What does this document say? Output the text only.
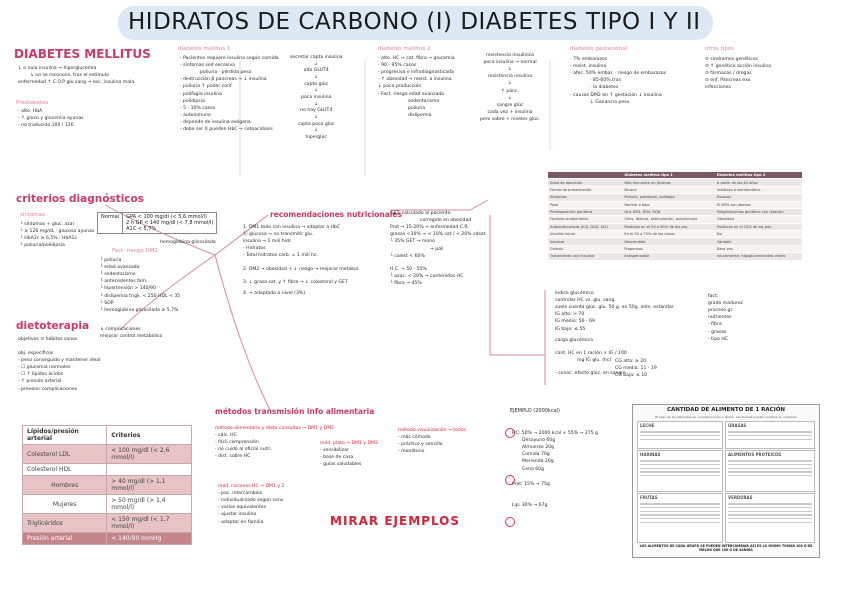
HIDRATOS DE CARBONO (I) DIABETES TIPO I Y II
DIABETES MELLITUS
↓ o nula insulina → hiperglucemia
↳ no se reconoce, tras el estímulo
enfermedad ↑ C.O.P glu sang → sec. insulina mala
Prediabetes
- alte. HbA
- ↑ gluco y glucemia ayunas
- no traducido 100 / 126
diabetes mellitus 1
- Pacientes requiere insulina según comida
- síntomas sed excesiva
poliuria · pérdida peso
- destrucción β pancreas → ↓ insulina
· poliuria ↑ poder conf.
· polifagia insulina
· polidipsia
- 5 - 10% casos
- autoinmune
- depende de insulina exógena
- debe ser X pueden HbC → cetoacidosis
secretar capta insulina
↓
alto GLUT4
↓
capta glúc
↓
poca insulina
↓
no hay GLUT4
↓
capta poca glúc
↓
hiperglúc
diabetes mellitus 2
- alte. HC → cat. fibra → glucemia
- 90 - 95% casos
- progresiva e infradiagnosticada
- ↑ obesidad → resist. a insulina
↓ poca producción
- Fact. riesgo edad avanzada
sedentarismo
poliuria
dislipemia
resistencia insulínica
poca insulina → normal
↓
resistencia insulina
↓
↑ pánc.
↓
sangre glúc
cada vez + insulina
pero sobre + niveles glúc.
diabetes gestacional
- 7% embarazos
- resist. insulina
- afec. 50% embar. · riesgo de embarazos
· 85-60% tras
· la diabetes
- causas DM2 en ↑ gestación ↓ insulina
↓ Ganancia peso
otros tipos
⊙ síndromes genéticos
⊙ ↑ genética acción insulina
⊙ fármacos / drogas
⊙ enf. Páncreas exo
infecciones
	Diabetes mellitus tipo 1	Diabetes mellitus tipo 2
Edad de aparición	Más frecuente en jóvenes	A partir de los 40 años
Forma de presentación	Brusca	Insidiosa o asintomática
Síntomas	Poliuria, polidipsia, polifagia	Escasos
Peso	Normal o bajo	El 80% son obesos
Predisposición genética	HLA DR3, DR4, DQ8	Poligénica/mas genética con relación
Factores ambientales	Virus, tóxicos, estimulación, autoinmune	Obesidad
Autoanticuerpos (ICA, GAD, IA2)	Positivos en el 50 a 85% de los pac.	Positivos en el 10% de los pac.
Insulitis inicial	En el 50 a 75% de los casos	No
Insulina	Descendida	Variable
Cetosis	Propensos	Rara vez
Tratamiento con insulina	Indispensable	Inicialmente, hipoglucemiantes orales
criterios diagnósticos
síntomas
└ síntomas + gluc. azar
└ ≥ 126 mg/dL · glucosa ayunas
└ HbA1c ≥ 6,5% · HbA1c
└ poliuria/polidipsia
Normal	GPA < 100 mg/dl (< 5,6 mmol/l)
2 h GP < 140 mg/dl (< 7,8 mmol/l)
A1C < 5,7%
hemoglobina glicosilada
Fact. riesgo DM2
└ poliuria
└ edad avanzada
└ sedentarismo
└ antecedentes fam.
└ hipertensión > 140/90
└ dislipemia trigli. < 250 HDL < 35
└ SOP
└ hemoglobina glicosilada ≥ 5,7%
dietoterapia
objetivos ⊙ hábitos sanos
↳ complicaciones
mejorar control metabólico
obj. específicos
- peso conseguido y mantener ideal
- ☐ glucemia normales
- ☐ ↑ lípidos ácidos
- ↑ presión arterial
- prevenir complicaciones
Lípidos/presión arterial	Criterios
Colesterol LDL	< 100 mg/dl (< 2,6 mmol/l)
Colesterol HDL	
Hombres	> 40 mg/dl (> 1,1 mmol/l)
Mujeres	> 50 mg/dl (> 1,4 mmol/l)
Triglicéridos	< 150 mg/dl (< 1,7 mmol/l)
Presión arterial	< 140/90 mmHg
recomendaciones nutricionales
1. DM1 todo con insulina → adaptar a HbC
ⓑ glucosa → no transmitir glu.
insulina → 1 mili hidr.
- Hidratos
- Total hidratos carb. = 1 mili hc.
2. DM2 → obesidad + ↓ riesgo → mejorar metabol.
3. ↓ grasa sat. y ↑ fibra → ↓ colesterol y GET
4. → adaptado a nivel (3%)
GET: calculado al paciente
corregido en obesidad
Prot → 15-20% → enfermedad C.R.
grasas <30% → < 10% sat / < 20% cdsat
└ 35% GET → mono
→ poli
└ colest < 60%
H.C. → 50 - 55%
└ azúc. < 20% → contenidos HC
└ fibra → 45%
índice glucémico
controlar HC vs. glu. sang.
suele cuenta glúc. glu. 50 g. en 50g. alim. estándar
IG alto: > 70
IG medio: 56 - 69
IG bajo: ≤ 55
carga glucémica
cont. HC en 1 ración × IG / 100
mg IG glu. (hc)
- conoc. efecto glúc. en sangre
fact.
grado madurez
proceso gr.
nutrientes
- fibra
- grasas
- tipo HC
CG alta: ≥ 20
CG media: 11 - 19
CG baja: ≤ 10
métodos transmisión info alimentaria
método alimentario y dieta consultas → DM1 y DM2
- cálc. HC
- fácil comprensión
- no cuidó al oficial nutri.
- dist. sobre HC
méd. plato → DM1 y DM2
- sensibilizar
- base de casa
- guías saludables
método visualización → todos
- más cómodo
- práctico y sencillo
- monótono
méd. raciones HC → DM1 y 2
- pac. intercambios
- individualizado según cons.
- varios equivalentes
- ajustar insulina
- adaptar en familia	MIRAR EJEMPLOS
EJEMPLO (2000kcal)
HC: 50% → 2000 kcal × 55% → 275 g
Desayuno 60g
Almuerzo 20g
Comida 70g
Merienda 20g
Cena 60g
Prot: 15% → 75g
Lip: 30% → 67g
CANTIDAD DE ALIMENTO DE 1 RACIÓN
El peso de los alimentos se considera crudo y limpio. Las formas pueden medirse en cucharas
LECHE	GRASAS
HARINAS	ALIMENTOS PROTEICOS
FRUTAS	VERDURAS
LOS ALIMENTOS DE CADA GRUPO SE PUEDEN INTERCAMBIAR ASÍ ES LO MISMO TOMAR 100 G DE MELÓN QUE 150 G DE SANDÍA
